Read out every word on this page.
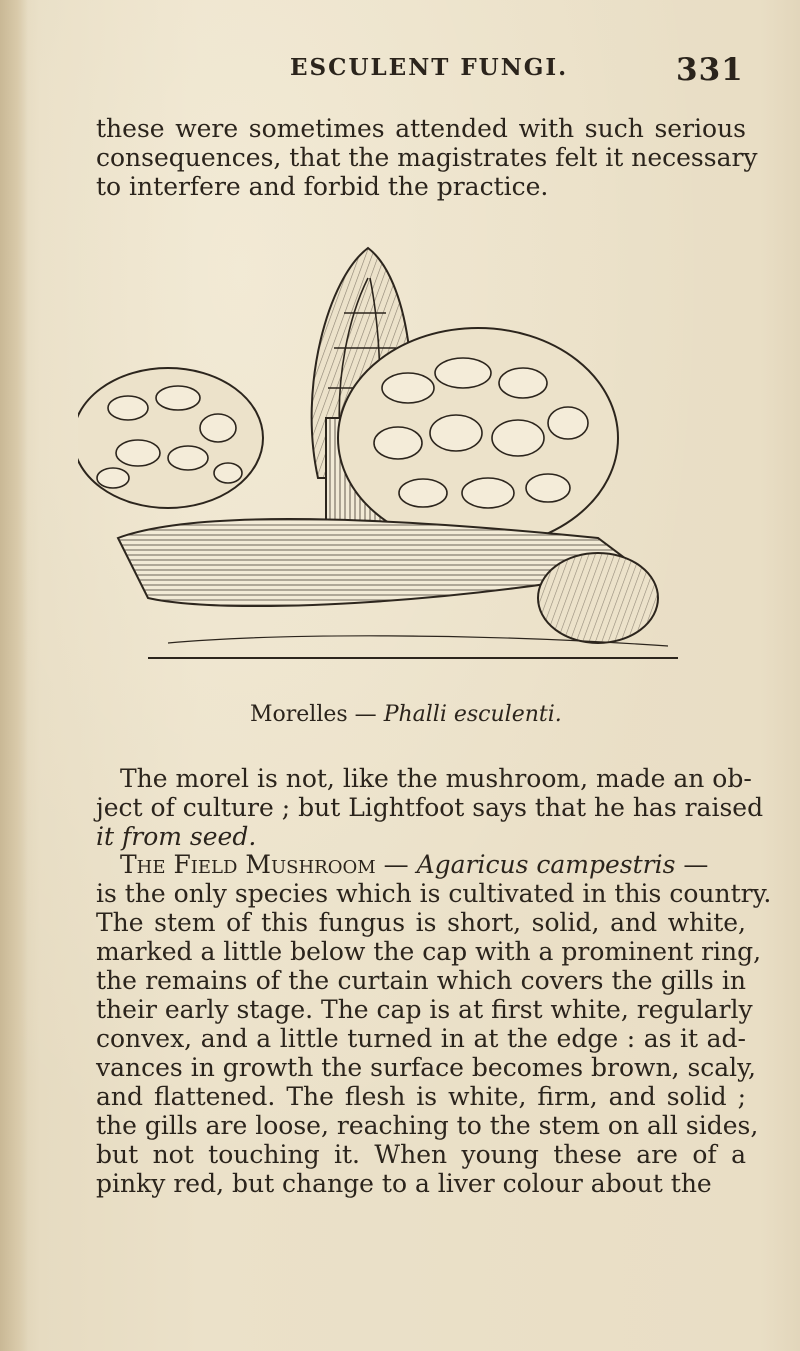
ESCULENT FUNGI.	331
these were sometimes attended with such serious
consequences, that the magistrates felt it necessary
to interfere and forbid the practice.
Morelles — Phalli esculenti.
The morel is not, like the mushroom, made an ob-
ject of culture ; but Lightfoot says that he has raised
it from seed.
The Field Mushroom — Agaricus campestris —
is the only species which is cultivated in this country.
The stem of this fungus is short, solid, and white,
marked a little below the cap with a prominent ring,
the remains of the curtain which covers the gills in
their early stage. The cap is at first white, regularly
convex, and a little turned in at the edge : as it ad-
vances in growth the surface becomes brown, scaly,
and flattened. The flesh is white, firm, and solid ;
the gills are loose, reaching to the stem on all sides,
but not touching it. When young these are of a
pinky red, but change to a liver colour about the
